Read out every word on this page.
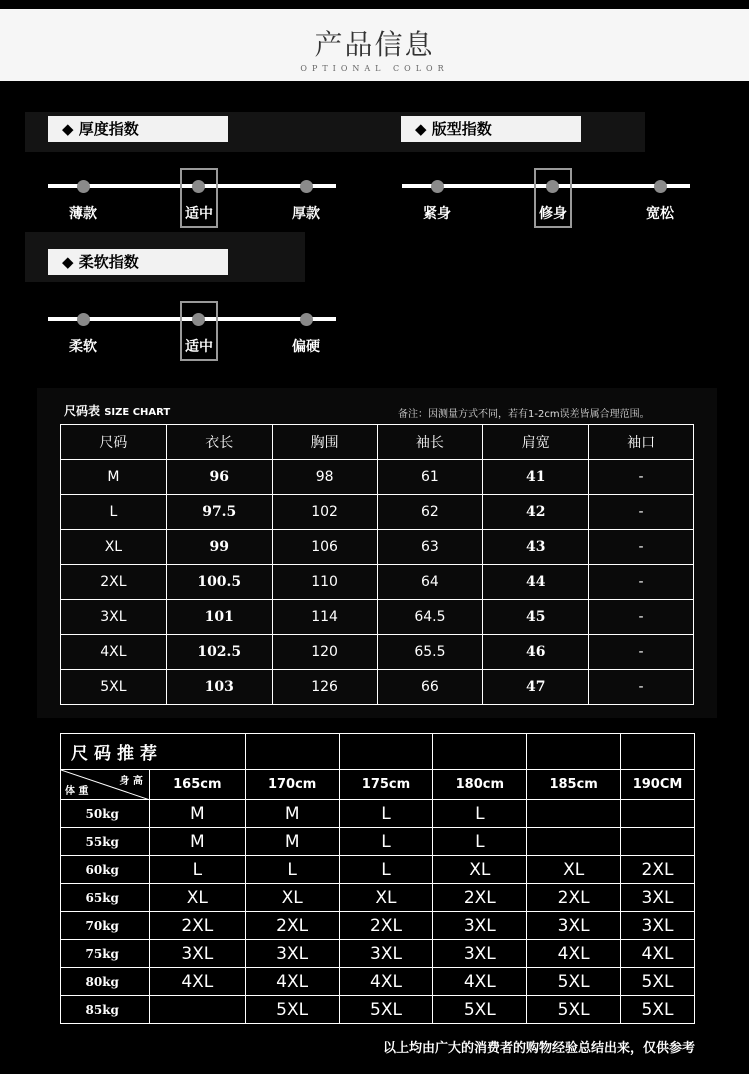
产品信息
OPTIONAL COLOR
◆ 厚度指数
薄款	适中	厚款
◆ 版型指数
紧身	修身	宽松
◆ 柔软指数
柔软	适中	偏硬
尺码表 SIZE CHART	备注：因测量方式不同，若有1-2cm误差皆属合理范围。
尺码	衣长	胸围	袖长	肩宽	袖口
M	96	98	61	41	-
L	97.5	102	62	42	-
XL	99	106	63	43	-
2XL	100.5	110	64	44	-
3XL	101	114	64.5	45	-
4XL	102.5	120	65.5	46	-
5XL	103	126	66	47	-
尺码推荐						

身 高
体 重	165cm	170cm	175cm	180cm	185cm	190CM
50kg	M	M	L	L		
55kg	M	M	L	L		
60kg	L	L	L	XL	XL	2XL
65kg	XL	XL	XL	2XL	2XL	3XL
70kg	2XL	2XL	2XL	3XL	3XL	3XL
75kg	3XL	3XL	3XL	3XL	4XL	4XL
80kg	4XL	4XL	4XL	4XL	5XL	5XL
85kg		5XL	5XL	5XL	5XL	5XL
以上均由广大的消费者的购物经验总结出来，仅供参考
